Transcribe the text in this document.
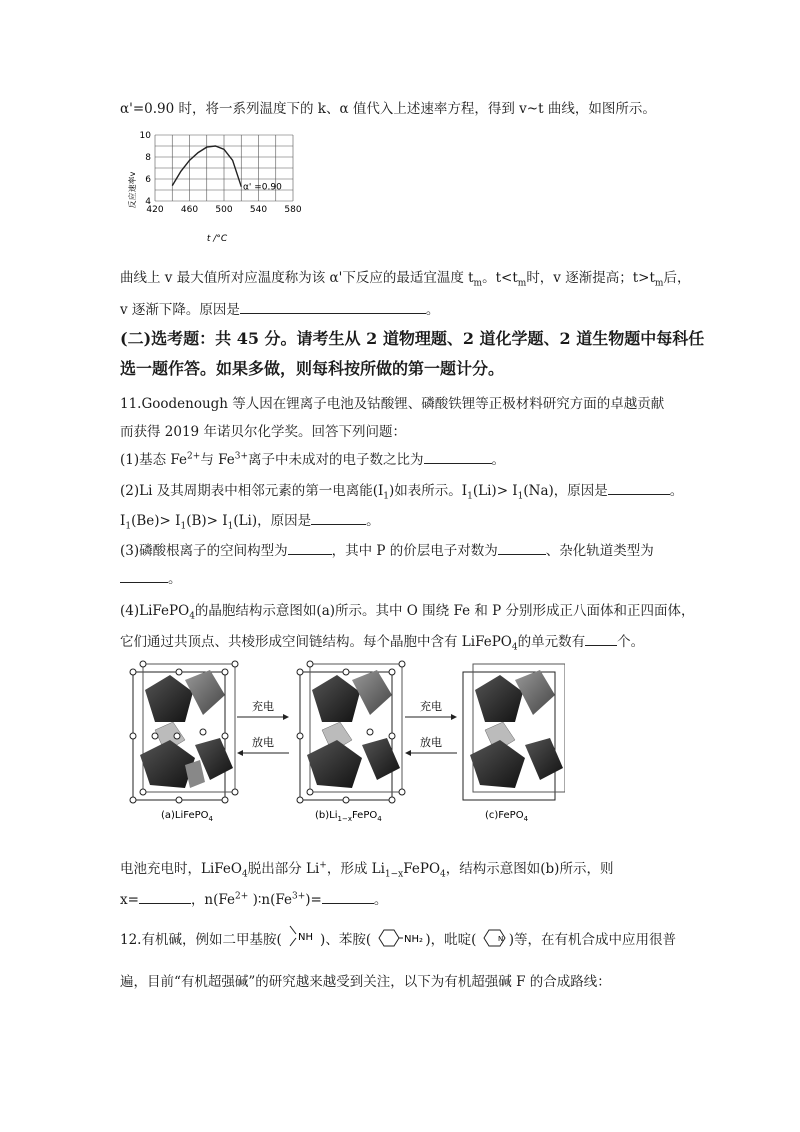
α'=0.90 时，将一系列温度下的 k、α 值代入上述速率方程，得到 v~t 曲线，如图所示。
420 460 500 540 580
4
6
8
10
α' =0.90
反应速率v
t /°C
曲线上 v 最大值所对应温度称为该 α'下反应的最适宜温度 $t_m$。$t<t_m$时，v 逐渐提高；$t>t_m$后，
v 逐渐下降。原因是	。
(二)选考题：共 45 分。请考生从 2 道物理题、2 道化学题、2 道生物题中每科任
选一题作答。如果多做，则每科按所做的第一题计分。
11.Goodenough 等人因在锂离子电池及钴酸锂、磷酸铁锂等正极材料研究方面的卓越贡献
而获得 2019 年诺贝尔化学奖。回答下列问题：
(1)基态 $Fe^{2+}$与 $Fe^{3+}$离子中未成对的电子数之比为	。
(2)Li 及其周期表中相邻元素的第一电离能$(I_1)$如表所示。$I_1(Li)> I_1(Na)$，原因是	。
$I_1(Be)> I_1(B)> I_1(Li)$，原因是	。
(3)磷酸根离子的空间构型为	，其中 P 的价层电子对数为	、杂化轨道类型为
。
(4)LiFePO$_4$的晶胞结构示意图如(a)所示。其中 O 围绕 Fe 和 P 分别形成正八面体和正四面体，
它们通过共顶点、共棱形成空间链结构。每个晶胞中含有 LiFePO$_4$的单元数有 个。
充电
放电
充电
放电
(a)LiFePO$_4$	$(b)Li_{1-x}FePO_4$	(c)FePO$_4$
电池充电时，LiFeO$_4$脱出部分 Li+，形成 $Li_{1-x}FePO_4$，结构示意图如(b)所示，则
x=	，$n(Fe^{2+}$ )$∶n(Fe^{3+})=$	。
12.有机碱，例如二甲基胺( NH )、苯胺(	NH₂ )，吡啶(	N )等，在有机合成中应用很普
遍，目前“有机超强碱”的研究越来越受到关注，以下为有机超强碱 F 的合成路线：
